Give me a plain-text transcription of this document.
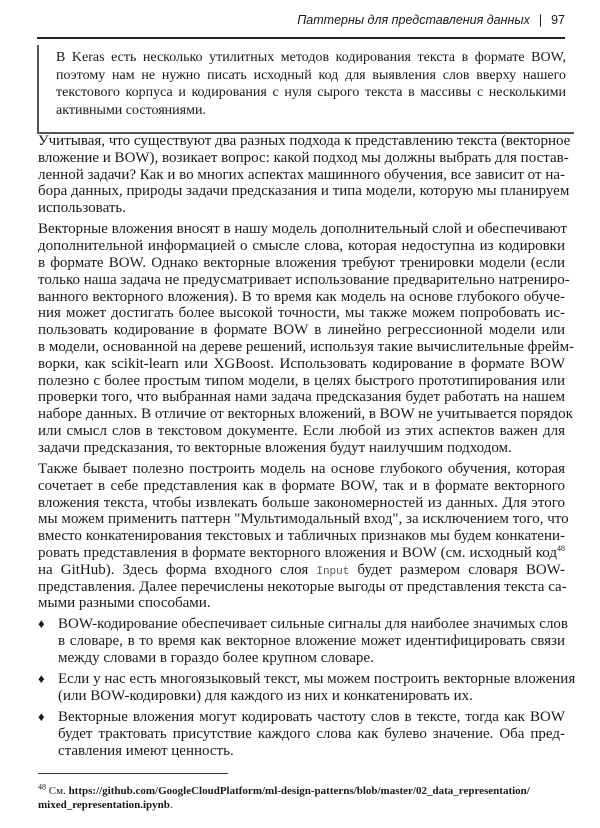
Паттерны для представления данных | 97
В Keras есть несколько утилитных методов кодирования текста в формате BOW,
поэтому нам не нужно писать исходный код для выявления слов вверху нашего
текстового корпуса и кодирования с нуля сырого текста в массивы с несколькими
активными состояниями.
Учитывая, что существуют два разных подхода к представлению текста (векторное
вложение и BOW), возикает вопрос: какой подход мы должны выбрать для постав-
ленной задачи? Как и во многих аспектах машинного обучения, все зависит от на-
бора данных, природы задачи предсказания и типа модели, которую мы планируем
использовать.
Векторные вложения вносят в нашу модель дополнительный слой и обеспечивают
дополнительной информацией о смысле слова, которая недоступна из кодировки
в формате BOW. Однако векторные вложения требуют тренировки модели (если
только наша задача не предусматривает использование предварительно натрениро-
ванного векторного вложения). В то время как модель на основе глубокого обуче-
ния может достигать более высокой точности, мы также можем попробовать ис-
пользовать кодирование в формате BOW в линейно регрессионной модели или
в модели, основанной на дереве решений, используя такие вычислительные фрейм-
ворки, как scikit-learn или XGBoost. Использовать кодирование в формате BOW
полезно с более простым типом модели, в целях быстрого прототипирования или
проверки того, что выбранная нами задача предсказания будет работать на нашем
наборе данных. В отличие от векторных вложений, в BOW не учитывается порядок
или смысл слов в текстовом документе. Если любой из этих аспектов важен для
задачи предсказания, то векторные вложения будут наилучшим подходом.
Также бывает полезно построить модель на основе глубокого обучения, которая
сочетает в себе представления как в формате BOW, так и в формате векторного
вложения текста, чтобы извлекать больше закономерностей из данных. Для этого
мы можем применить паттерн "Мультимодальный вход", за исключением того, что
вместо конкатенирования текстовых и табличных признаков мы будем конкатени-
ровать представления в формате векторного вложения и BOW (см. исходный код$^{48}$
на GitHub). Здесь форма входного слоя Input будет размером словаря BOW-
представления. Далее перечислены некоторые выгоды от представления текста са-
мыми разными способами.
♦ BOW-кодирование обеспечивает сильные сигналы для наиболее значимых слов
в словаре, в то время как векторное вложение может идентифицировать связи
между словами в гораздо более крупном словаре.
♦ Если у нас есть многоязыковый текст, мы можем построить векторные вложения
(или BOW-кодировки) для каждого из них и конкатенировать их.
♦ Векторные вложения могут кодировать частоту слов в тексте, тогда как BOW
будет трактовать присутствие каждого слова как булево значение. Оба пред-
ставления имеют ценность.
$^{48}$ См. https://github.com/GoogleCloudPlatform/ml-design-patterns/blob/master/02_data_representation/
mixed_representation.ipynb.
